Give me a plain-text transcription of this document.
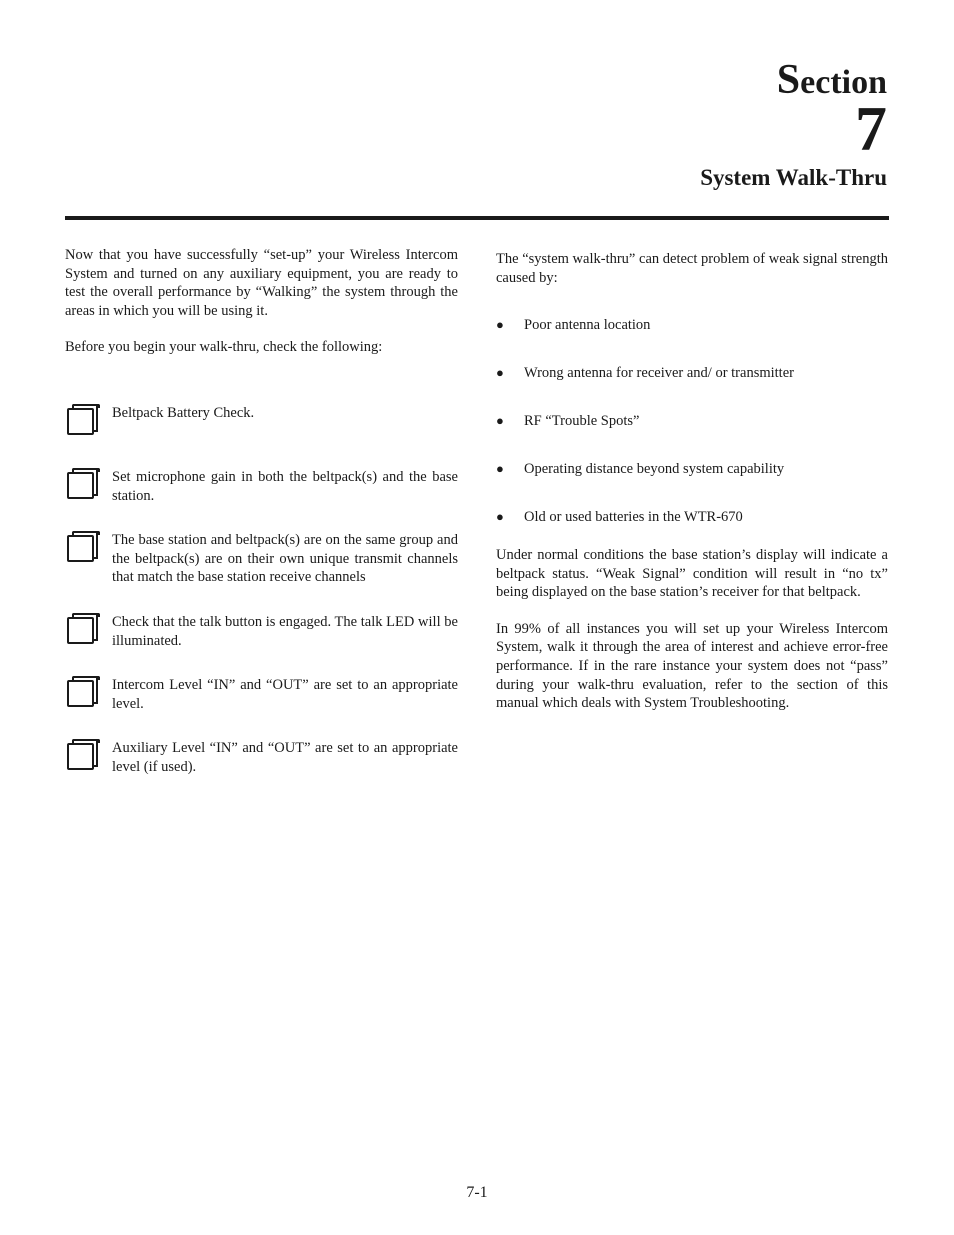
Section
7
System Walk-Thru

Now that you have successfully “set-up” your Wireless Intercom System and turned on any auxiliary equipment, you are ready to test the overall performance by “Walking” the system through the areas in which you will be using it.

Before you begin your walk-thru, check the following:

Beltpack Battery Check.
Set microphone gain in both the beltpack(s) and the base station.
The base station and beltpack(s) are on the same group and the beltpack(s) are on their own unique transmit channels that match the base station receive channels
Check that the talk button is engaged. The talk LED will be illuminated.
Intercom Level “IN” and “OUT” are set to an appropriate level.
Auxiliary Level “IN” and “OUT” are set to an appropriate level (if used).

The “system walk-thru” can detect problem of weak signal strength caused by:

●	Poor antenna location
●	Wrong antenna for receiver and/ or transmitter
●	RF “Trouble Spots”
●	Operating distance beyond system capability
●	Old or used batteries in the WTR-670

Under normal conditions the base station’s display will indicate a beltpack status. “Weak Signal” condition will result in “no tx” being displayed on the base station’s receiver for that beltpack.

In 99% of all instances you will set up your Wireless Intercom System, walk it through the area of interest and achieve error-free performance. If in the rare instance your system does not “pass” during your walk-thru evaluation, refer to the section of this manual which deals with System Troubleshooting.

7-1
